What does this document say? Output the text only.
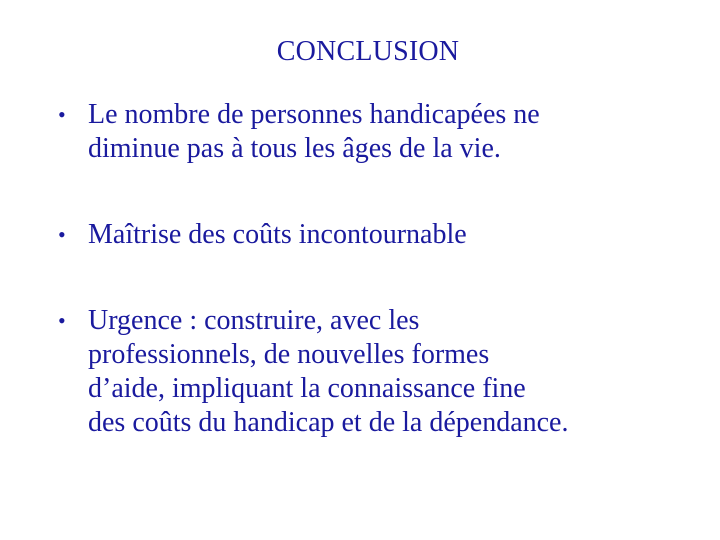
CONCLUSION
• Le nombre de personnes handicapées ne
diminue pas à tous les âges de la vie.
• Maîtrise des coûts incontournable
• Urgence : construire, avec les
professionnels, de nouvelles formes
d’aide, impliquant la connaissance fine
des coûts du handicap et de la dépendance.
